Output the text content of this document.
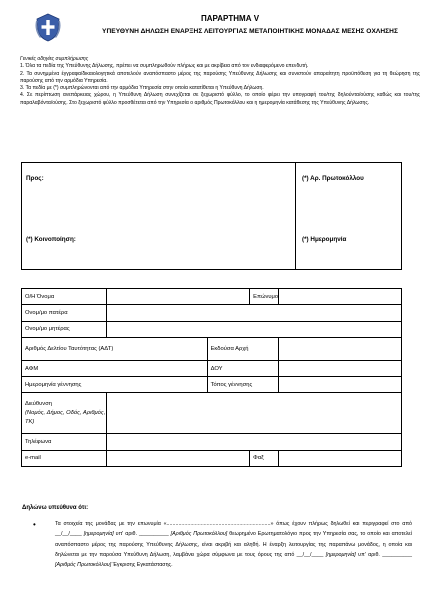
ΠΑΡΑΡΤΗΜΑ V
ΥΠΕΥΘΥΝΗ ΔΗΛΩΣΗ ΕΝΑΡΞΗΣ ΛΕΙΤΟΥΡΓΙΑΣ ΜΕΤΑΠΟΙΗΤΙΚΗΣ ΜΟΝΑΔΑΣ ΜΕΣΗΣ ΟΧΛΗΣΗΣ

Γενικές οδηγίες συμπλήρωσης

1. Όλα τα πεδία της Υπεύθυνης Δήλωσης, πρέπει να συμπληρωθούν πλήρως και με ακρίβεια από τον ενδιαφερόμενο επενδυτή.

2. Τα συνημμένα έγγραφα/δικαιολογητικά αποτελούν αναπόσπαστο μέρος της παρούσης Υπεύθυνης Δήλωσης και συνιστούν απαραίτητη προϋπόθεση για τη θεώρηση της παρούσης από την αρμόδια Υπηρεσία.

3. Τα πεδία με (*) συμπληρώνονται από την αρμόδια Υπηρεσία στην οποία κατατίθεται η Υπεύθυνη Δήλωση.

4. Σε περίπτωση ανεπάρκειας χώρου, η Υπεύθυνη Δήλωση συνεχίζεται σε ξεχωριστό φύλλο, το οποίο φέρει την υπογραφή του/της δηλούντα/ούσης καθώς και του/της παραλαβόντα/ούσης. Στο ξεχωριστό φύλλο προσθέτεται από την Υπηρεσία ο αριθμός Πρωτοκόλλου και η ημερομηνία κατάθεσης της Υπεύθυνης Δήλωσης.

Προς:	(*) Αρ. Πρωτοκόλλου
(*) Κοινοποίηση:	(*) Ημερομηνία
Ο/Η Όνομα			Επώνυμο	
Ονομ/μο πατέρα				
Ονομ/μο μητέρας				
Αριθμός Δελτίου Ταυτότητας (ΑΔΤ)		Εκδούσα Αρχή		
ΑΦΜ		ΔΟΥ		
Ημερομηνία γέννησης		Τόπος γέννησης		
Διεύθυνση
(Νομός, Δήμος, Οδός, Αριθμός, ΤΚ)				
Τηλέφωνα				
e-mail			Φαξ	
Δηλώνω υπεύθυνα ότι:
•	Τα στοιχεία της μονάδας με την επωνυμία «......................................................................» όπως έχουν πλήρως δηλωθεί και περιγραφεί στο από __/__/____ [ημερομηνία] υπ' αριθ. __________ [Αριθμός Πρωτοκόλλου] θεωρημένο Ερωτηματολόγιο προς την Υπηρεσία σας, το οποίο και αποτελεί αναπόσπαστο μέρος της παρούσης Υπεύθυνης Δήλωσης, είναι ακριβή και αληθή. Η έναρξη λειτουργίας της παραπάνω μονάδος, η οποία και δηλώνεται με την παρούσα Υπεύθυνη Δήλωση, λαμβάνει χώρα σύμφωνα με τους όρους της από __/__/____ [ημερομηνία] υπ' αριθ. __________ [Αριθμός Πρωτοκόλλου] Έγκρισης Εγκατάστασης.
